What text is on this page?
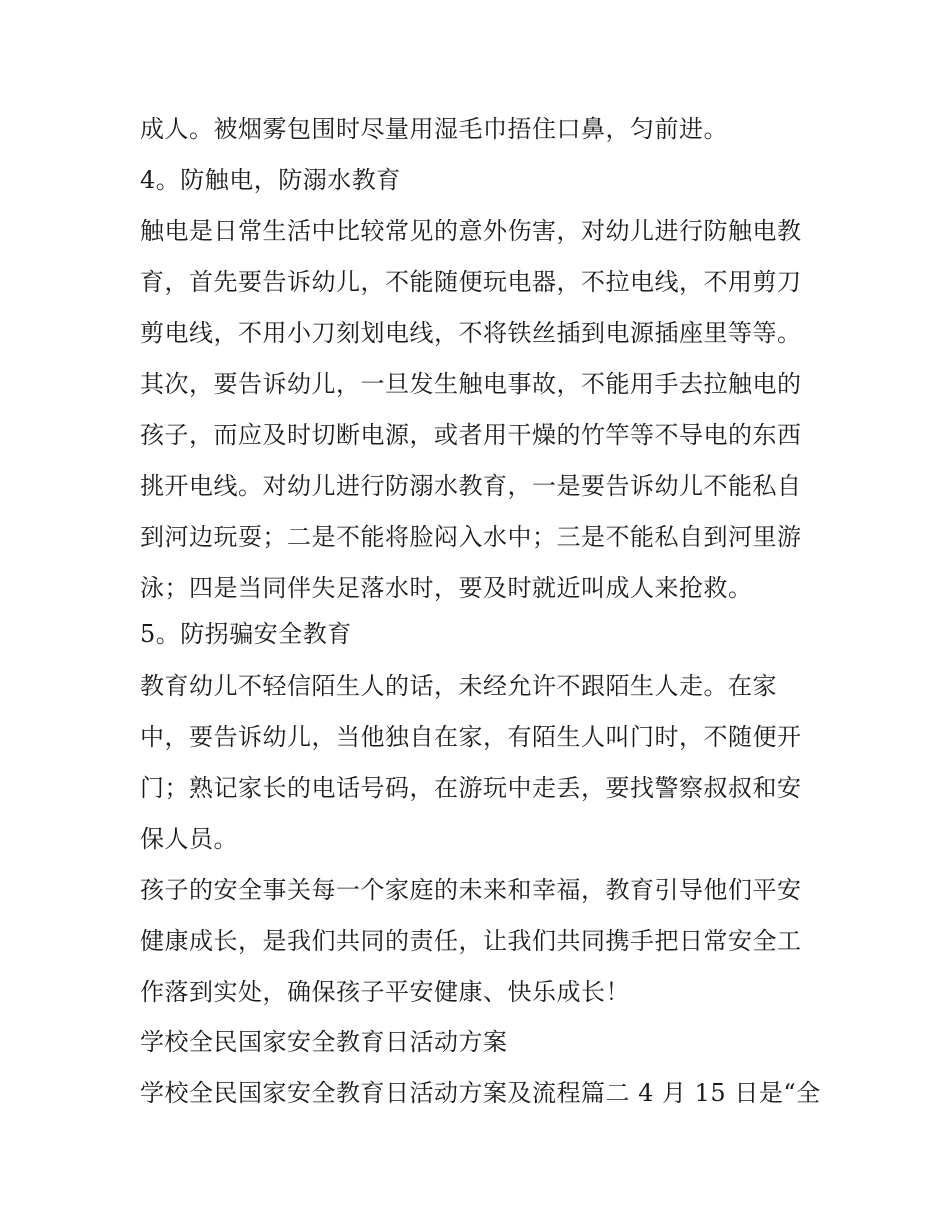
成人。被烟雾包围时尽量用湿毛巾捂住口鼻，匀前进。
4。防触电，防溺水教育
触电是日常生活中比较常见的意外伤害，对幼儿进行防触电教
育，首先要告诉幼儿，不能随便玩电器，不拉电线，不用剪刀
剪电线，不用小刀刻划电线，不将铁丝插到电源插座里等等。
其次，要告诉幼儿，一旦发生触电事故，不能用手去拉触电的
孩子，而应及时切断电源，或者用干燥的竹竿等不导电的东西
挑开电线。对幼儿进行防溺水教育，一是要告诉幼儿不能私自
到河边玩耍；二是不能将脸闷入水中；三是不能私自到河里游
泳；四是当同伴失足落水时，要及时就近叫成人来抢救。
5。防拐骗安全教育
教育幼儿不轻信陌生人的话，未经允许不跟陌生人走。在家
中，要告诉幼儿，当他独自在家，有陌生人叫门时，不随便开
门；熟记家长的电话号码，在游玩中走丢，要找警察叔叔和安
保人员。
孩子的安全事关每一个家庭的未来和幸福，教育引导他们平安
健康成长，是我们共同的责任，让我们共同携手把日常安全工
作落到实处，确保孩子平安健康、快乐成长！
学校全民国家安全教育日活动方案
学校全民国家安全教育日活动方案及流程篇二 4 月 15 日是“全
